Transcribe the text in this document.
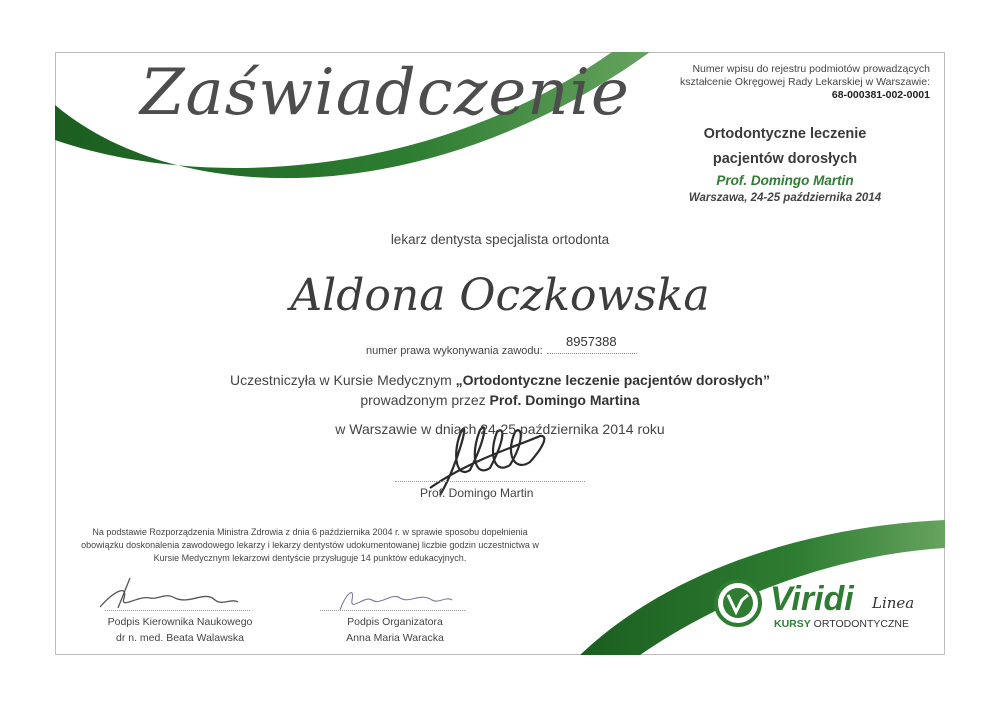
Zaświadczenie	Numer wpisu do rejestru podmiotów prowadzących
kształcenie Okręgowej Rady Lekarskiej w Warszawie:
68-000381-002-0001
Ortodontyczne leczenie
pacjentów dorosłych
Prof. Domingo Martin
Warszawa, 24-25 października 2014
lekarz dentysta specjalista ortodonta
Aldona Oczkowska
numer prawa wykonywania zawodu:
8957388
Uczestniczyła w Kursie Medycznym „Ortodontyczne leczenie pacjentów dorosłych”
prowadzonym przez Prof. Domingo Martina
w Warszawie w dniach 24-25 października 2014 roku
Prof. Domingo Martin
Na podstawie Rozporządzenia Ministra Zdrowia z dnia 6 października 2004 r. w sprawie sposobu dopełnienia obowiązku doskonalenia zawodowego lekarzy i lekarzy dentystów udokumentowanej liczbie godzin uczestnictwa w Kursie Medycznym lekarzowi dentyście przysługuje 14 punktów edukacyjnych.
Podpis Kierownika Naukowego
dr n. med. Beata Walawska
Podpis Organizatora
Anna Maria Waracka
Viridi Linea
KURSY ORTODONTYCZNE
